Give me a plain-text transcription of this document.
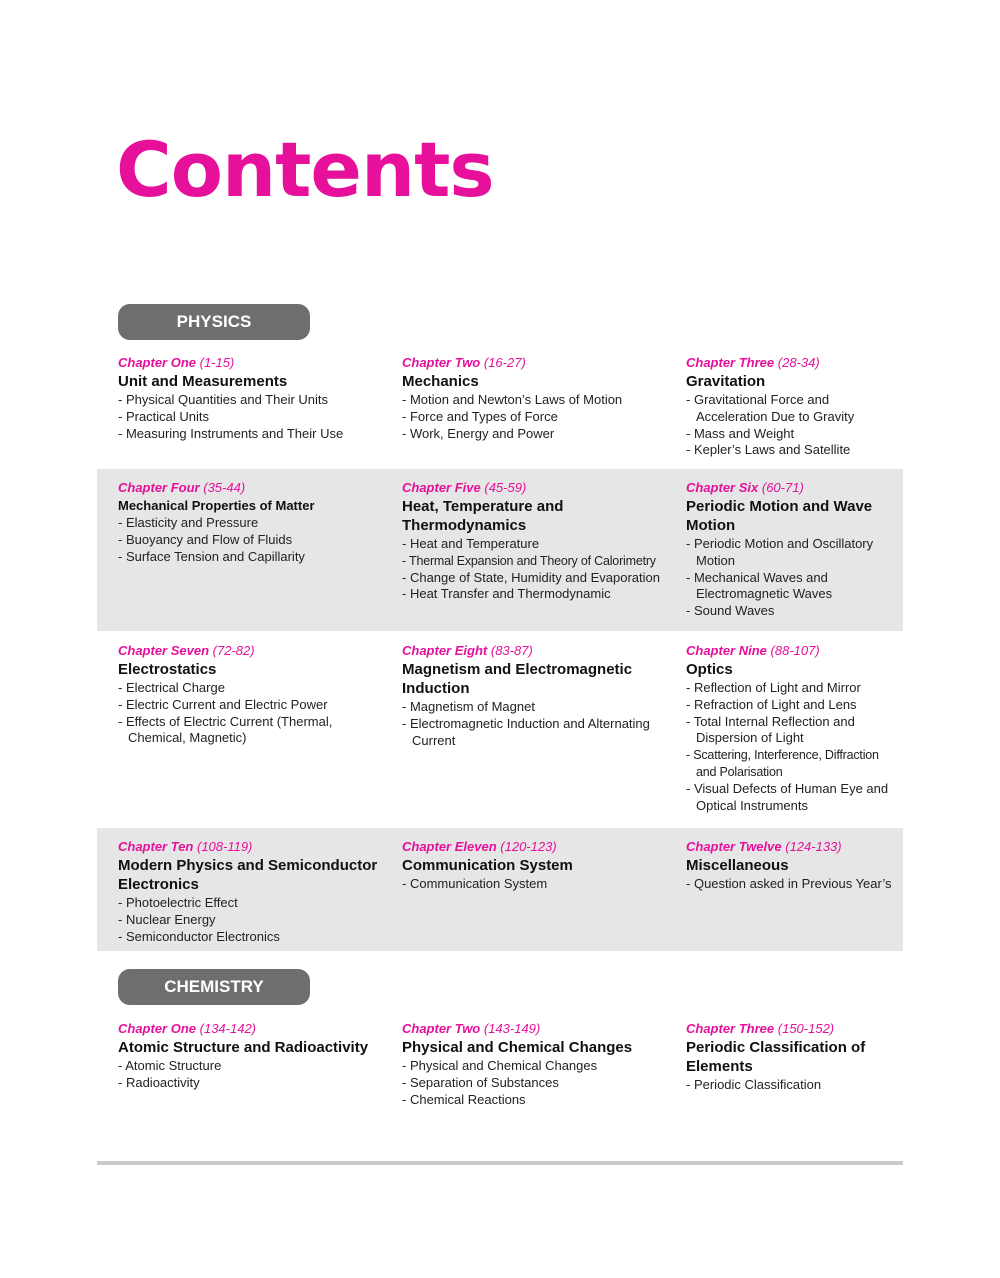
Contents
PHYSICS
Chapter One (1-15)
Unit and Measurements
- Physical Quantities and Their Units
- Practical Units
- Measuring Instruments and Their Use
Chapter Two (16-27)
Mechanics
- Motion and Newton’s Laws of Motion
- Force and Types of Force
- Work, Energy and Power
Chapter Three (28-34)
Gravitation
- Gravitational Force and Acceleration Due to Gravity
- Mass and Weight
- Kepler’s Laws and Satellite
Chapter Four (35-44)
Mechanical Properties of Matter
- Elasticity and Pressure
- Buoyancy and Flow of Fluids
- Surface Tension and Capillarity
Chapter Five (45-59)
Heat, Temperature and Thermodynamics
- Heat and Temperature
- Thermal Expansion and Theory of Calorimetry
- Change of State, Humidity and Evaporation
- Heat Transfer and Thermodynamic
Chapter Six (60-71)
Periodic Motion and Wave Motion
- Periodic Motion and Oscillatory Motion
- Mechanical Waves and Electromagnetic Waves
- Sound Waves
Chapter Seven (72-82)
Electrostatics
- Electrical Charge
- Electric Current and Electric Power
- Effects of Electric Current (Thermal, Chemical, Magnetic)
Chapter Eight (83-87)
Magnetism and Electromagnetic Induction
- Magnetism of Magnet
- Electromagnetic Induction and Alternating Current
Chapter Nine (88-107)
Optics
- Reflection of Light and Mirror
- Refraction of Light and Lens
- Total Internal Reflection and Dispersion of Light
- Scattering, Interference, Diffraction and Polarisation
- Visual Defects of Human Eye and Optical Instruments
Chapter Ten (108-119)
Modern Physics and Semiconductor Electronics
- Photoelectric Effect
- Nuclear Energy
- Semiconductor Electronics
Chapter Eleven (120-123)
Communication System
- Communication System
Chapter Twelve (124-133)
Miscellaneous
- Question asked in Previous Year’s
CHEMISTRY
Chapter One (134-142)
Atomic Structure and Radioactivity
- Atomic Structure
- Radioactivity
Chapter Two (143-149)
Physical and Chemical Changes
- Physical and Chemical Changes
- Separation of Substances
- Chemical Reactions
Chapter Three (150-152)
Periodic Classification of Elements
- Periodic Classification
